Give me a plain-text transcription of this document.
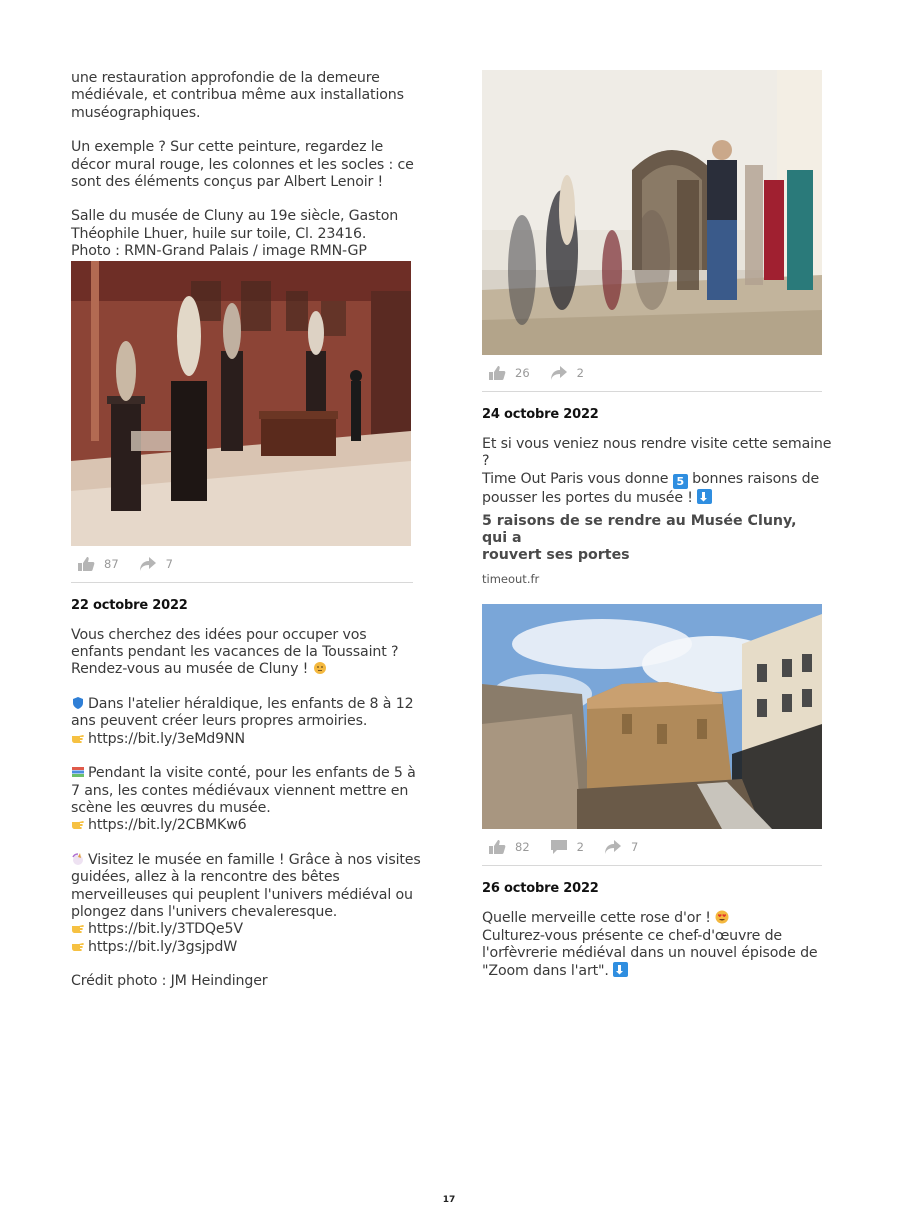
une restauration approfondie de la demeure
médiévale, et contribua même aux installations
muséographiques.

Un exemple ? Sur cette peinture, regardez le
décor mural rouge, les colonnes et les socles : ce
sont des éléments conçus par Albert Lenoir !

Salle du musée de Cluny au 19e siècle, Gaston
Théophile Lhuer, huile sur toile, Cl. 23416.
Photo : RMN-Grand Palais / image RMN-GP

87	7
22 octobre 2022

Vous cherchez des idées pour occuper vos
enfants pendant les vacances de la Toussaint ?
Rendez-vous au musée de Cluny !

Dans l'atelier héraldique, les enfants de 8 à 12
ans peuvent créer leurs propres armoiries.
https://bit.ly/3eMd9NN

Pendant la visite conté, pour les enfants de 5 à
7 ans, les contes médiévaux viennent mettre en
scène les œuvres du musée.
https://bit.ly/2CBMKw6

Visitez le musée en famille ! Grâce à nos visites
guidées, allez à la rencontre des bêtes
merveilleuses qui peuplent l'univers médiéval ou
plongez dans l'univers chevaleresque.
https://bit.ly/3TDQe5V
https://bit.ly/3gsjpdW

Crédit photo : JM Heindinger

26	2
24 octobre 2022

Et si vous veniez nous rendre visite cette semaine
?
Time Out Paris vous donne 5 bonnes raisons de
pousser les portes du musée !

5 raisons de se rendre au Musée Cluny, qui a
rouvert ses portes
timeout.fr
82	2	7
26 octobre 2022

Quelle merveille cette rose d'or !
Culturez-vous présente ce chef-d'œuvre de
l'orfèvrerie médiéval dans un nouvel épisode de
"Zoom dans l'art".

17
